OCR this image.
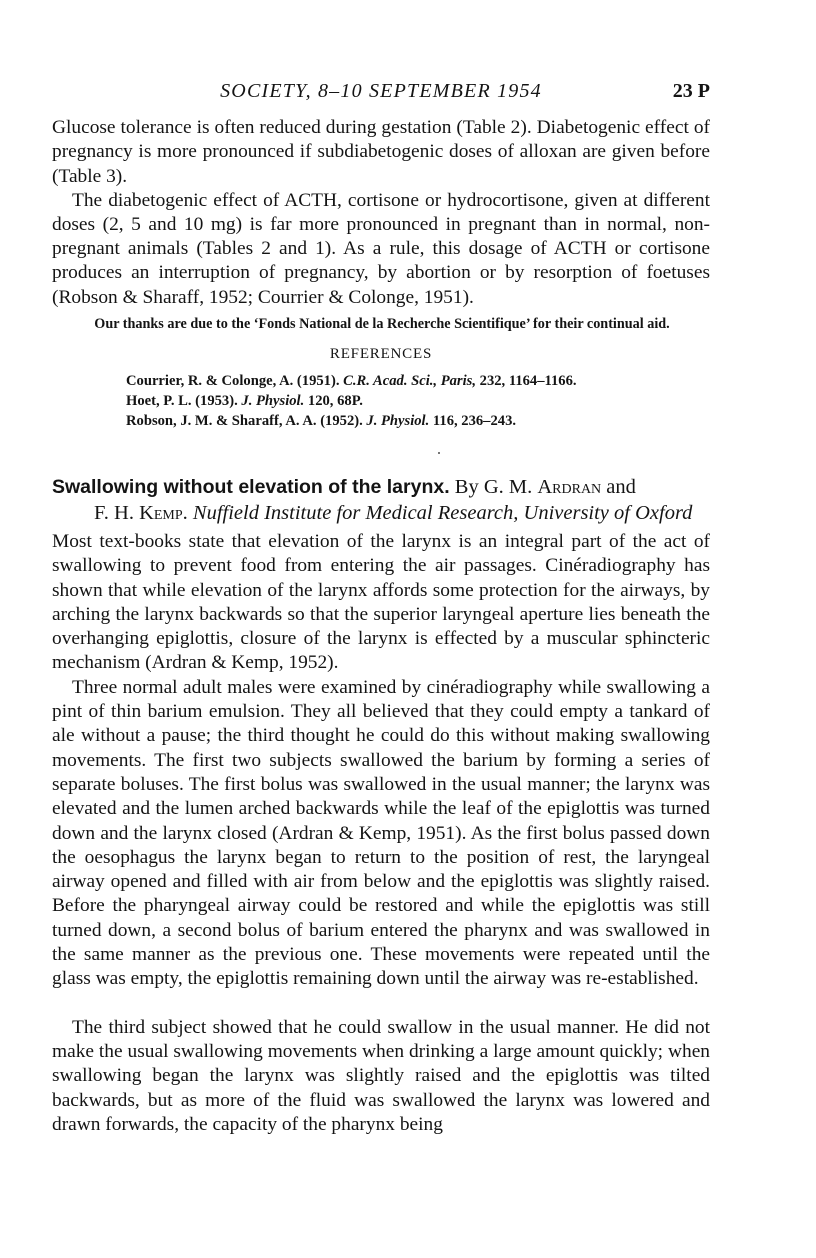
SOCIETY, 8–10 SEPTEMBER 1954	23 P

Glucose tolerance is often reduced during gestation (Table 2). Diabetogenic effect of pregnancy is more pronounced if subdiabetogenic doses of alloxan are given before (Table 3).

The diabetogenic effect of ACTH, cortisone or hydrocortisone, given at different doses (2, 5 and 10 mg) is far more pronounced in pregnant than in normal, non-pregnant animals (Tables 2 and 1). As a rule, this dosage of ACTH or cortisone produces an interruption of pregnancy, by abortion or by resorption of foetuses (Robson & Sharaff, 1952; Courrier & Colonge, 1951).

Our thanks are due to the ‘Fonds National de la Recherche Scientifique’ for their continual aid.
REFERENCES
Courrier, R. & Colonge, A. (1951). C.R. Acad. Sci., Paris, 232, 1164–1166.
Hoet, P. L. (1953). J. Physiol. 120, 68P.
Robson, J. M. & Sharaff, A. A. (1952). J. Physiol. 116, 236–243.
Swallowing without elevation of the larynx. By G. M. Ardran and
F. H. Kemp. Nuffield Institute for Medical Research, University of Oxford

Most text-books state that elevation of the larynx is an integral part of the act of swallowing to prevent food from entering the air passages. Cinéradiography has shown that while elevation of the larynx affords some protection for the airways, by arching the larynx backwards so that the superior laryngeal aperture lies beneath the overhanging epiglottis, closure of the larynx is effected by a muscular sphincteric mechanism (Ardran & Kemp, 1952).

Three normal adult males were examined by cinéradiography while swallowing a pint of thin barium emulsion. They all believed that they could empty a tankard of ale without a pause; the third thought he could do this without making swallowing movements. The first two subjects swallowed the barium by forming a series of separate boluses. The first bolus was swallowed in the usual manner; the larynx was elevated and the lumen arched backwards while the leaf of the epiglottis was turned down and the larynx closed (Ardran & Kemp, 1951). As the first bolus passed down the oesophagus the larynx began to return to the position of rest, the laryngeal airway opened and filled with air from below and the epiglottis was slightly raised. Before the pharyngeal airway could be restored and while the epiglottis was still turned down, a second bolus of barium entered the pharynx and was swallowed in the same manner as the previous one. These movements were repeated until the glass was empty, the epiglottis remaining down until the airway was re-established.

The third subject showed that he could swallow in the usual manner. He did not make the usual swallowing movements when drinking a large amount quickly; when swallowing began the larynx was slightly raised and the epiglottis was tilted backwards, but as more of the fluid was swallowed the larynx was lowered and drawn forwards, the capacity of the pharynx being
